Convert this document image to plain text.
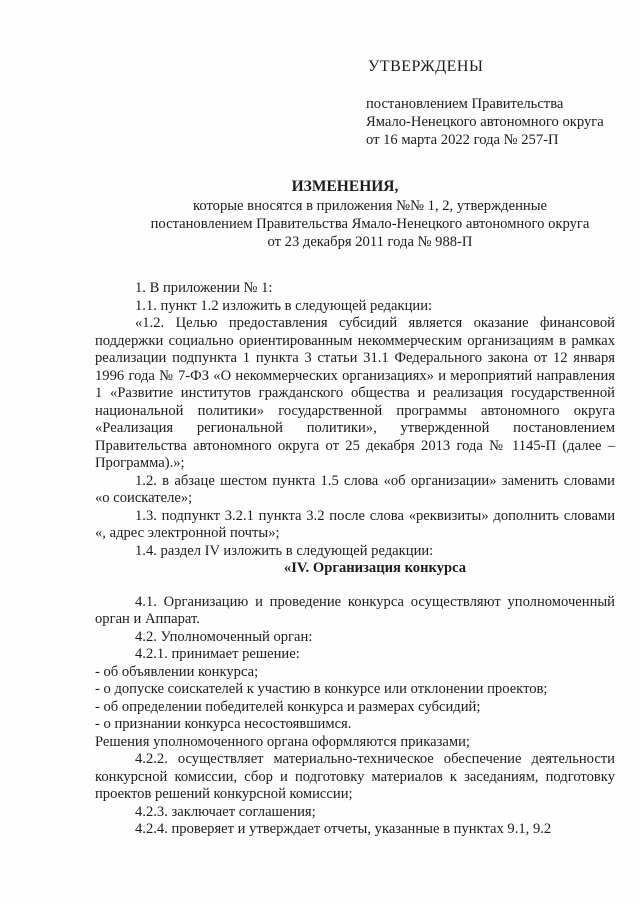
УТВЕРЖДЕНЫ
постановлением Правительства
Ямало-Ненецкого автономного округа
от 16 марта 2022 года № 257-П
ИЗМЕНЕНИЯ,
которые вносятся в приложения №№ 1, 2, утвержденные
постановлением Правительства Ямало-Ненецкого автономного округа
от 23 декабря 2011 года № 988-П

1. В приложении № 1:

1.1. пункт 1.2 изложить в следующей редакции:

«1.2. Целью предоставления субсидий является оказание финансовой поддержки социально ориентированным некоммерческим организациям в рамках реализации подпункта 1 пункта 3 статьи 31.1 Федерального закона от 12 января 1996 года № 7-ФЗ «О некоммерческих организациях» и мероприятий направления 1 «Развитие институтов гражданского общества и реализация государственной национальной политики» государственной программы автономного округа «Реализация региональной политики», утвержденной постановлением Правительства автономного округа от 25 декабря 2013 года № 1145-П (далее – Программа).»;

1.2. в абзаце шестом пункта 1.5 слова «об организации» заменить словами «о соискателе»;

1.3. подпункт 3.2.1 пункта 3.2 после слова «реквизиты» дополнить словами «, адрес электронной почты»;

1.4. раздел IV изложить в следующей редакции:

«IV. Организация конкурса

4.1. Организацию и проведение конкурса осуществляют уполномоченный орган и Аппарат.

4.2. Уполномоченный орган:

4.2.1. принимает решение:

- об объявлении конкурса;

- о допуске соискателей к участию в конкурсе или отклонении проектов;

- об определении победителей конкурса и размерах субсидий;

- о признании конкурса несостоявшимся.

Решения уполномоченного органа оформляются приказами;

4.2.2. осуществляет материально-техническое обеспечение деятельности конкурсной комиссии, сбор и подготовку материалов к заседаниям, подготовку проектов решений конкурсной комиссии;

4.2.3. заключает соглашения;

4.2.4. проверяет и утверждает отчеты, указанные в пунктах 9.1, 9.2
